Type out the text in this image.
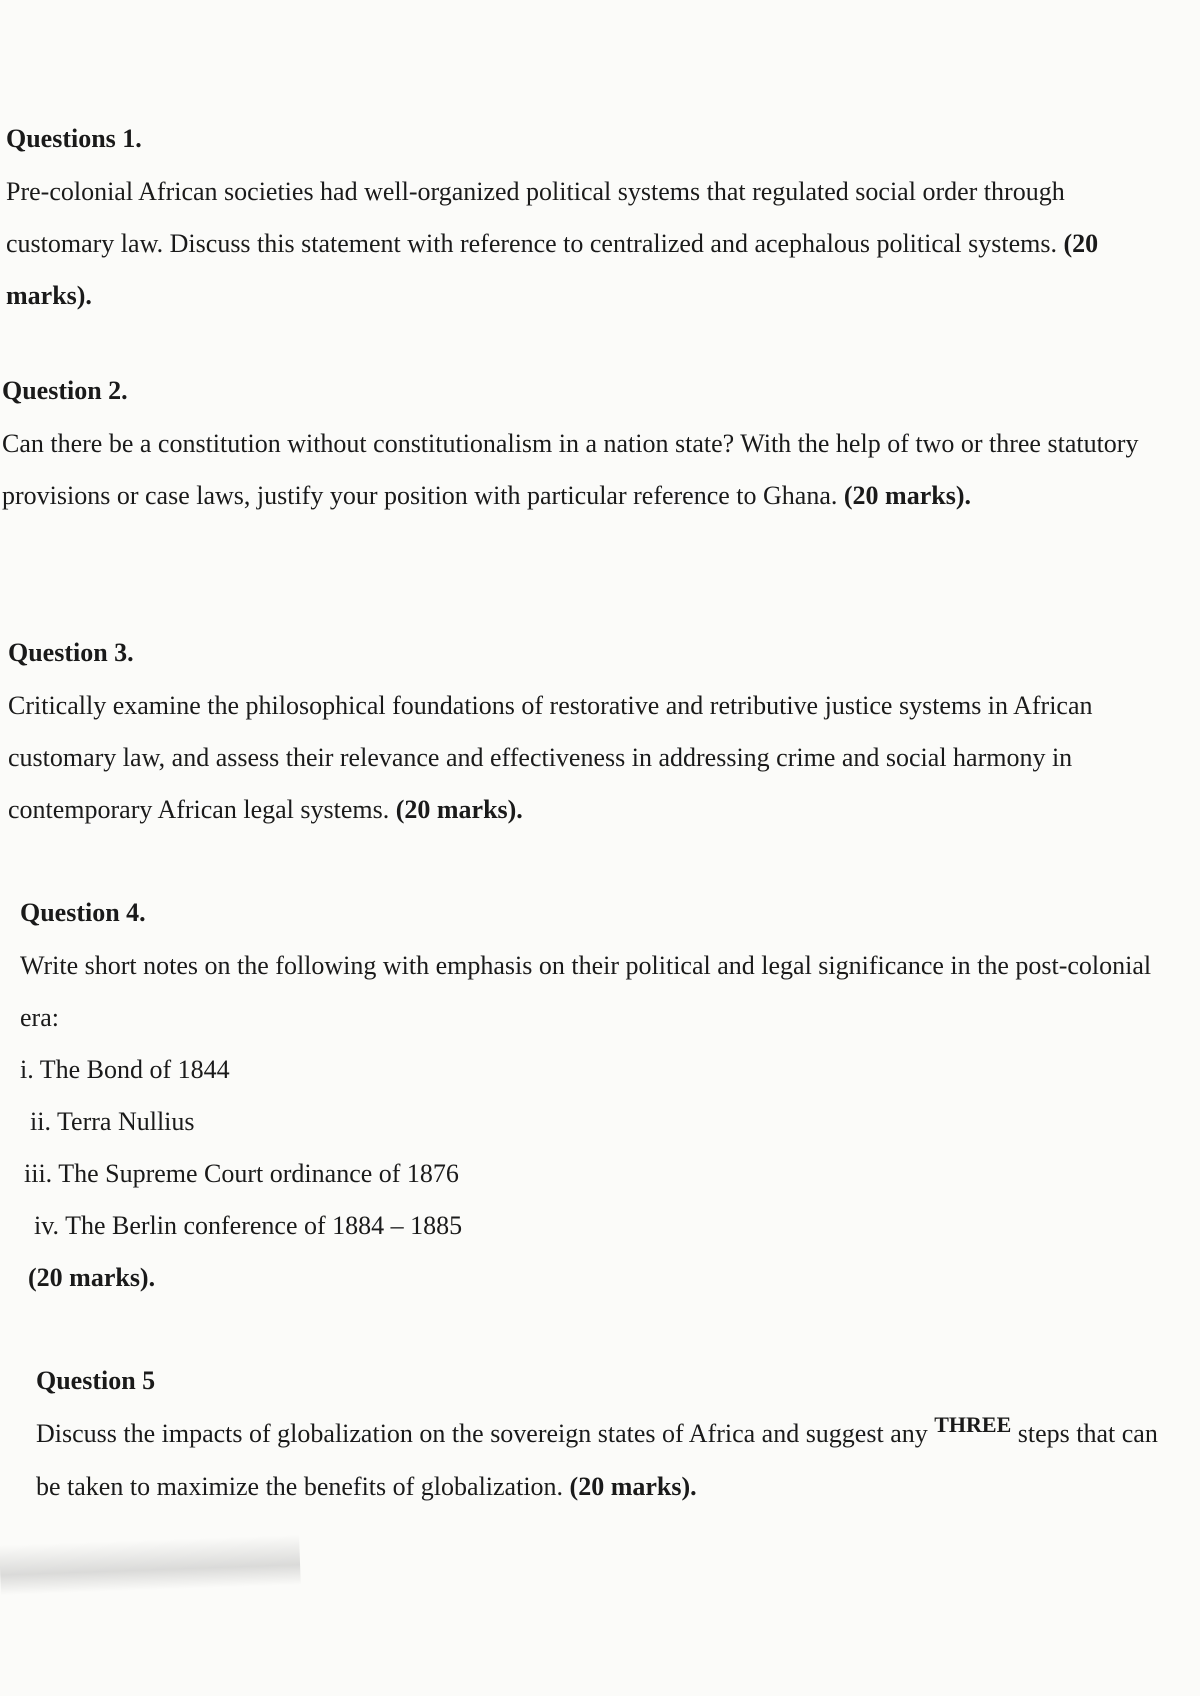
Questions 1.

Pre-colonial African societies had well-organized political systems that regulated social order through customary law. Discuss this statement with reference to centralized and acephalous political systems. (20 marks).

Question 2.

Can there be a constitution without constitutionalism in a nation state? With the help of two or three statutory provisions or case laws, justify your position with particular reference to Ghana. (20 marks).

Question 3.

Critically examine the philosophical foundations of restorative and retributive justice systems in African customary law, and assess their relevance and effectiveness in addressing crime and social harmony in contemporary African legal systems. (20 marks).

Question 4.

Write short notes on the following with emphasis on their political and legal significance in the post-colonial era:

i. The Bond of 1844
ii. Terra Nullius
iii. The Supreme Court ordinance of 1876
iv. The Berlin conference of 1884 – 1885
(20 marks).
Question 5

Discuss the impacts of globalization on the sovereign states of Africa and suggest any $^{THREE}$ steps that can be taken to maximize the benefits of globalization. (20 marks).
